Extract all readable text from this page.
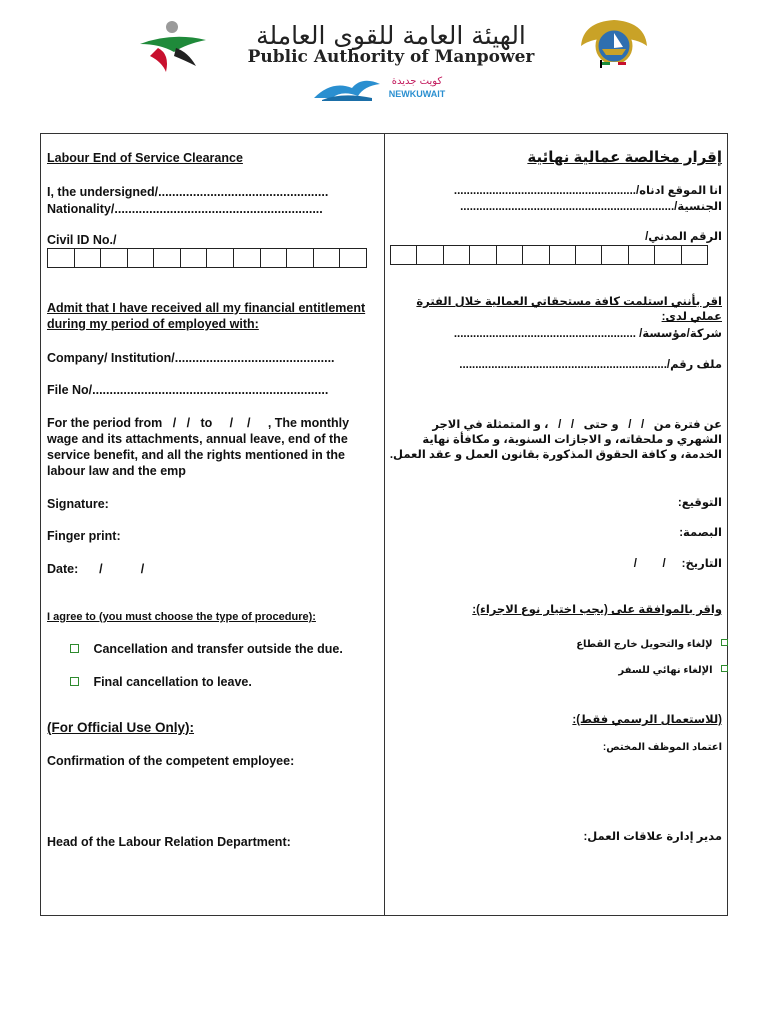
الهيئة العامة للقوى العاملة
Public Authority of Manpower
كويت جديدة
NEWKUWAIT
Labour End of Service Clearance
I, the undersigned/.................................................
Nationality/............................................................
Civil ID No./
Admit that I have received all my financial entitlement during my period of employed with:
Company/ Institution/..............................................
File No/....................................................................
For the period from   /   /   to     /    /     , The monthly wage and its attachments, annual leave, end of the service benefit, and all the rights mentioned in the labour law and the emp
Signature:
Finger print:
Date:      /           /
I agree to (you must choose the type of procedure):
Cancellation and transfer outside the due.
Final cancellation to leave.
(For Official Use Only):
Confirmation of the competent employee:
Head of the Labour Relation Department:
إقرار مخالصة عمالية نهائية
انا الموقع ادناه/.........................................................
الجنسية/...................................................................
الرقم المدني/
اقر بأنني استلمت كافة مستحقاتي العمالية خلال الفترة عملي لدى:
شركة/مؤسسة/ .........................................................
ملف رقم/.................................................................
عن فترة من   /   /   و حتى   /   /   ، و المتمثلة في الاجر الشهري و ملحقاته، و الاجازات السنوية، و مكافأة نهاية الخدمة، و كافة الحقوق المذكورة بقانون العمل و عقد العمل.
التوقيع:
البصمة:
التاريخ:     /        /
واقر بالموافقة على (يجب اختيار نوع الاجراء):
لإلغاء والتحويل خارج القطاع
الإلغاء نهائي للسفر
(للاستعمال الرسمي فقط):
اعتماد الموظف المختص:
مدير إدارة علاقات العمل:
